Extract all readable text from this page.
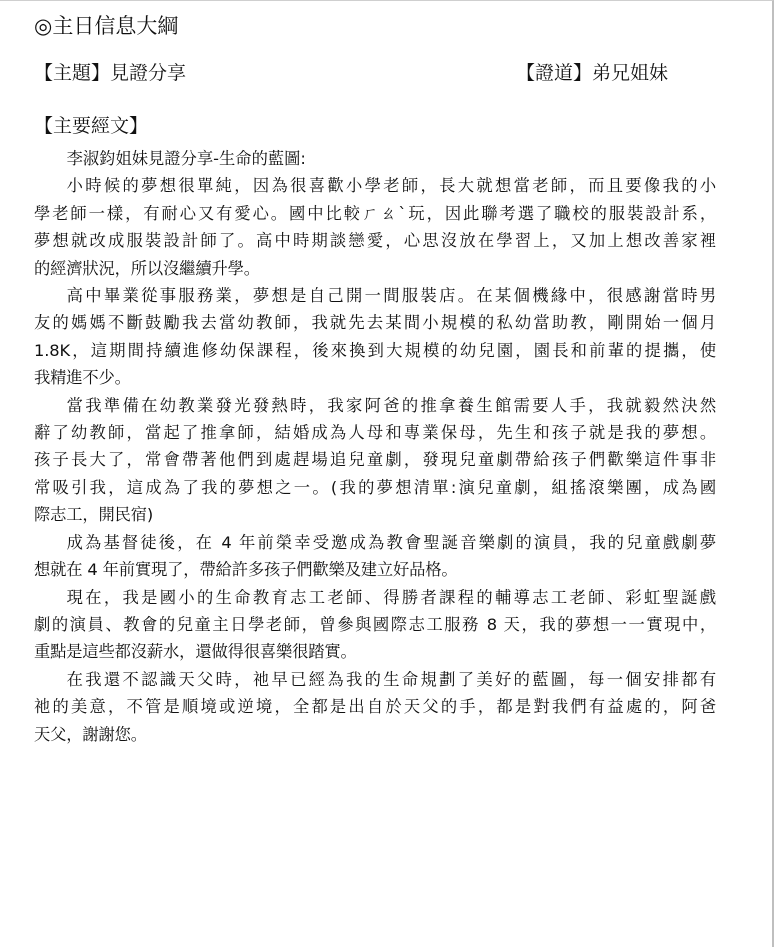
◎主日信息大綱
【主題】見證分享	【證道】弟兄姐妹
【主要經文】

李淑鈞姐妹見證分享-生命的藍圖:

小時候的夢想很單純，因為很喜歡小學老師，長大就想當老師，而且要像我的小
學老師一樣，有耐心又有愛心。國中比較ㄏㄠˋ玩，因此聯考選了職校的服裝設計系，
夢想就改成服裝設計師了。高中時期談戀愛，心思沒放在學習上，又加上想改善家裡
的經濟狀況，所以沒繼續升學。
高中畢業從事服務業，夢想是自己開一間服裝店。在某個機緣中，很感謝當時男
友的媽媽不斷鼓勵我去當幼教師，我就先去某間小規模的私幼當助教，剛開始一個月
1.8K，這期間持續進修幼保課程，後來換到大規模的幼兒園，園長和前輩的提攜，使
我精進不少。
當我準備在幼教業發光發熱時，我家阿爸的推拿養生館需要人手，我就毅然決然
辭了幼教師，當起了推拿師，結婚成為人母和專業保母，先生和孩子就是我的夢想。
孩子長大了，常會帶著他們到處趕場追兒童劇，發現兒童劇帶給孩子們歡樂這件事非
常吸引我，這成為了我的夢想之一。(我的夢想清單:演兒童劇，組搖滾樂團，成為國
際志工，開民宿)
成為基督徒後，在 4 年前榮幸受邀成為教會聖誕音樂劇的演員，我的兒童戲劇夢
想就在 4 年前實現了，帶給許多孩子們歡樂及建立好品格。
現在，我是國小的生命教育志工老師、得勝者課程的輔導志工老師、彩虹聖誕戲
劇的演員、教會的兒童主日學老師，曾參與國際志工服務 8 天，我的夢想一一實現中，
重點是這些都沒薪水，還做得很喜樂很踏實。
在我還不認識天父時，祂早已經為我的生命規劃了美好的藍圖，每一個安排都有
祂的美意，不管是順境或逆境，全都是出自於天父的手，都是對我們有益處的，阿爸
天父，謝謝您。
